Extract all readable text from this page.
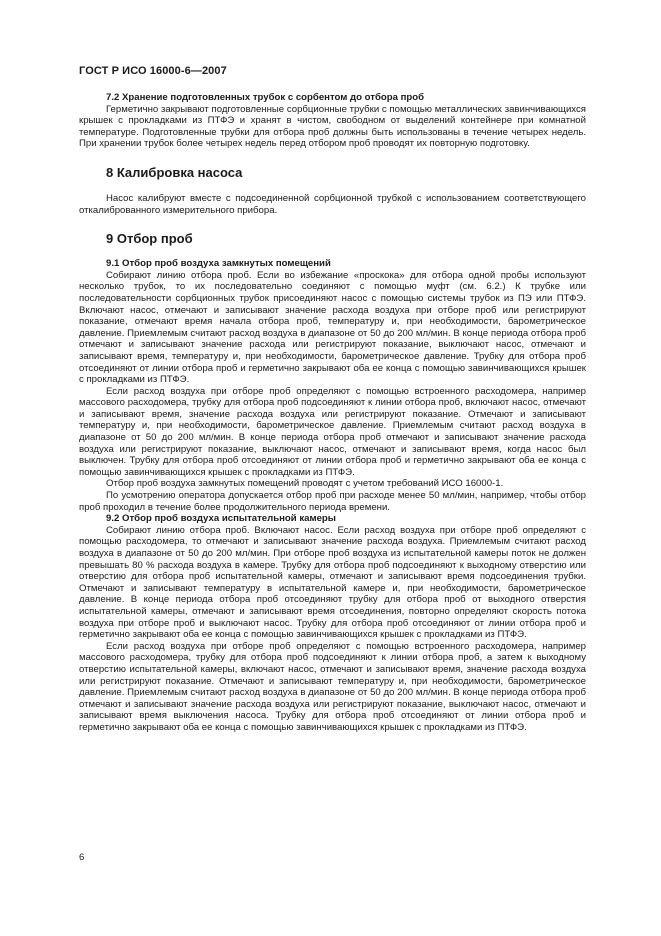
ГОСТ Р ИСО 16000-6—2007

7.2 Хранение подготовленных трубок с сорбентом до отбора проб

Герметично закрывают подготовленные сорбционные трубки с помощью металлических завинчивающихся крышек с прокладками из ПТФЭ и хранят в чистом, свободном от выделений контейнере при комнатной температуре. Подготовленные трубки для отбора проб должны быть использованы в течение четырех недель. При хранении трубок более четырех недель перед отбором проб проводят их повторную подготовку.

8 Калибровка насоса

Насос калибруют вместе с подсоединенной сорбционной трубкой с использованием соответствующего откалиброванного измерительного прибора.

9 Отбор проб

9.1 Отбор проб воздуха замкнутых помещений

Собирают линию отбора проб. Если во избежание «проскока» для отбора одной пробы используют несколько трубок, то их последовательно соединяют с помощью муфт (см. 6.2.) К трубке или последовательности сорбционных трубок присоединяют насос с помощью системы трубок из ПЭ или ПТФЭ. Включают насос, отмечают и записывают значение расхода воздуха при отборе проб или регистрируют показание, отмечают время начала отбора проб, температуру и, при необходимости, барометрическое давление. Приемлемым считают расход воздуха в диапазоне от 50 до 200 мл/мин. В конце периода отбора проб отмечают и записывают значение расхода или регистрируют показание, выключают насос, отмечают и записывают время, температуру и, при необходимости, барометрическое давление. Трубку для отбора проб отсоединяют от линии отбора проб и герметично закрывают оба ее конца с помощью завинчивающихся крышек с прокладками из ПТФЭ.

Если расход воздуха при отборе проб определяют с помощью встроенного расходомера, например массового расходомера, трубку для отбора проб подсоединяют к линии отбора проб, включают насос, отмечают и записывают время, значение расхода воздуха или регистрируют показание. Отмечают и записывают температуру и, при необходимости, барометрическое давление. Приемлемым считают расход воздуха в диапазоне от 50 до 200 мл/мин. В конце периода отбора проб отмечают и записывают значение расхода воздуха или регистрируют показание, выключают насос, отмечают и записывают время, когда насос был выключен. Трубку для отбора проб отсоединяют от линии отбора проб и герметично закрывают оба ее конца с помощью завинчивающихся крышек с прокладками из ПТФЭ.

Отбор проб воздуха замкнутых помещений проводят с учетом требований ИСО 16000-1.

По усмотрению оператора допускается отбор проб при расходе менее 50 мл/мин, например, чтобы отбор проб проходил в течение более продолжительного периода времени.

9.2 Отбор проб воздуха испытательной камеры

Собирают линию отбора проб. Включают насос. Если расход воздуха при отборе проб определяют с помощью расходомера, то отмечают и записывают значение расхода воздуха. Приемлемым считают расход воздуха в диапазоне от 50 до 200 мл/мин. При отборе проб воздуха из испытательной камеры поток не должен превышать 80 % расхода воздуха в камере. Трубку для отбора проб подсоединяют к выходному отверстию или отверстию для отбора проб испытательной камеры, отмечают и записывают время подсоединения трубки. Отмечают и записывают температуру в испытательной камере и, при необходимости, барометрическое давление. В конце периода отбора проб отсоединяют трубку для отбора проб от выходного отверстия испытательной камеры, отмечают и записывают время отсоединения, повторно определяют скорость потока воздуха при отборе проб и выключают насос. Трубку для отбора проб отсоединяют от линии отбора проб и герметично закрывают оба ее конца с помощью завинчивающихся крышек с прокладками из ПТФЭ.

Если расход воздуха при отборе проб определяют с помощью встроенного расходомера, например массового расходомера, трубку для отбора проб подсоединяют к линии отбора проб, а затем к выходному отверстию испытательной камеры, включают насос, отмечают и записывают время, значение расхода воздуха или регистрируют показание. Отмечают и записывают температуру и, при необходимости, барометрическое давление. Приемлемым считают расход воздуха в диапазоне от 50 до 200 мл/мин. В конце периода отбора проб отмечают и записывают значение расхода воздуха или регистрируют показание, выключают насос, отмечают и записывают время выключения насоса. Трубку для отбора проб отсоединяют от линии отбора проб и герметично закрывают оба ее конца с помощью завинчивающихся крышек с прокладками из ПТФЭ.

6
